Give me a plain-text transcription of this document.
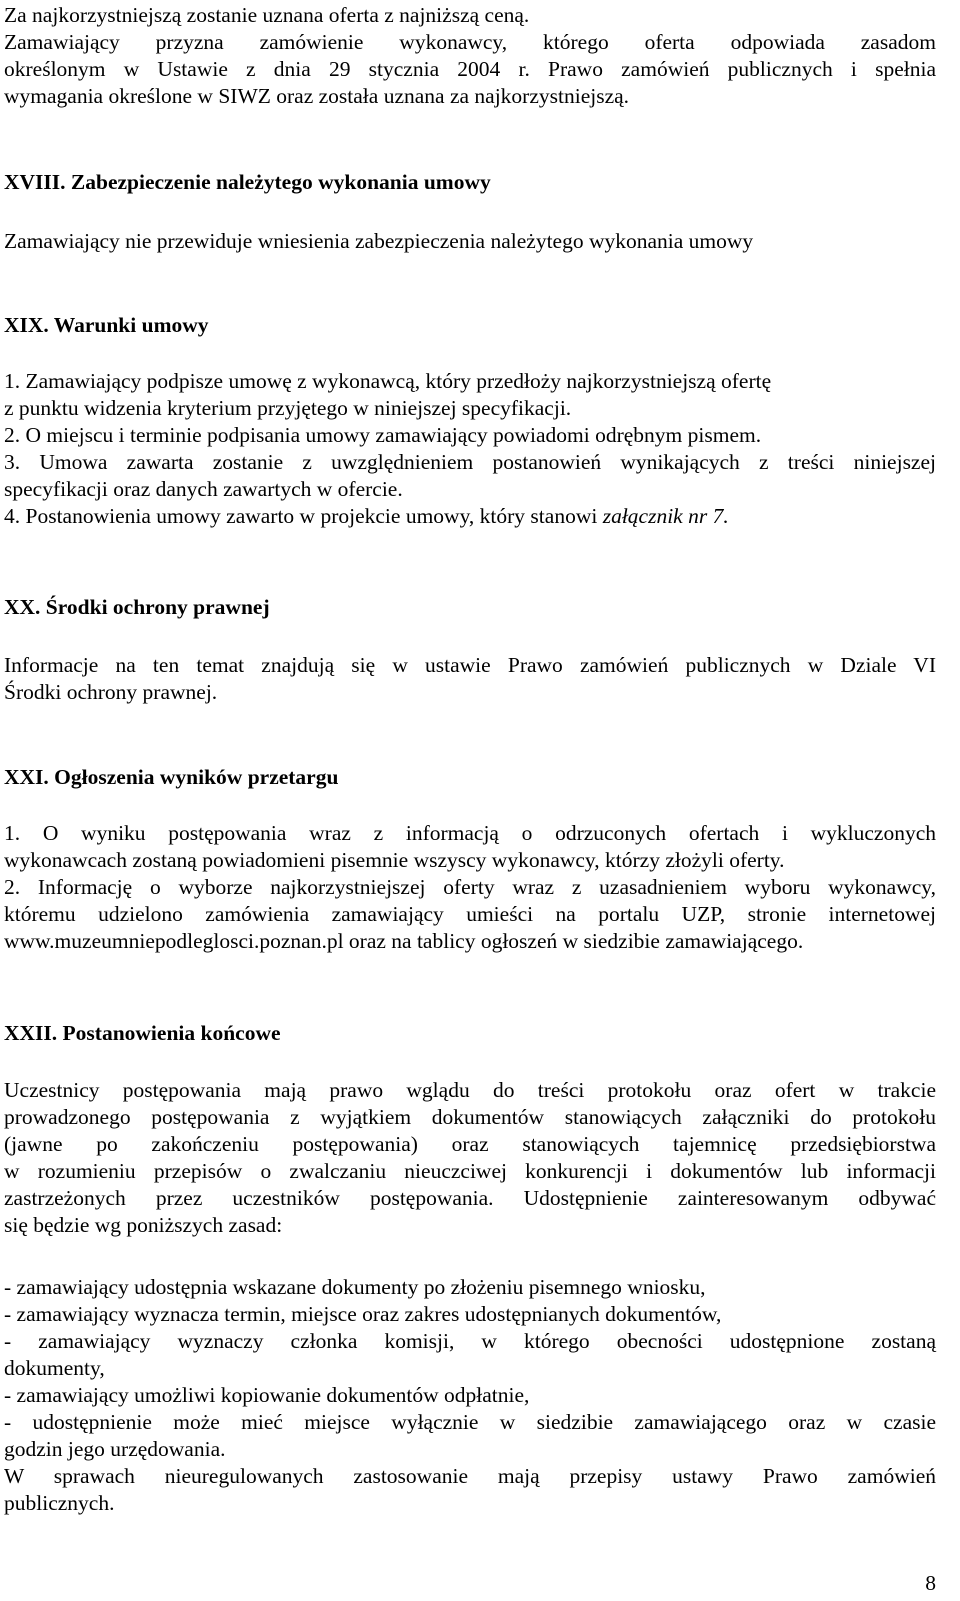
Za najkorzystniejszą zostanie uznana oferta z najniższą ceną.
Zamawiający przyzna zamówienie wykonawcy, którego oferta odpowiada zasadom
określonym w Ustawie z dnia 29 stycznia 2004 r. Prawo zamówień publicznych i spełnia
wymagania określone w SIWZ oraz została uznana za najkorzystniejszą.
XVIII. Zabezpieczenie należytego wykonania umowy
Zamawiający nie przewiduje wniesienia zabezpieczenia należytego wykonania umowy
XIX. Warunki umowy
1. Zamawiający podpisze umowę z wykonawcą, który przedłoży najkorzystniejszą ofertę
z punktu widzenia kryterium przyjętego w niniejszej specyfikacji.
2. O miejscu i terminie podpisania umowy zamawiający powiadomi odrębnym pismem.
3. Umowa zawarta zostanie z uwzględnieniem postanowień wynikających z treści niniejszej
specyfikacji oraz danych zawartych w ofercie.
4. Postanowienia umowy zawarto w projekcie umowy, który stanowi załącznik nr 7.
XX. Środki ochrony prawnej
Informacje na ten temat znajdują się w ustawie Prawo zamówień publicznych w Dziale VI
Środki ochrony prawnej.
XXI. Ogłoszenia wyników przetargu
1. O wyniku postępowania wraz z informacją o odrzuconych ofertach i wykluczonych
wykonawcach zostaną powiadomieni pisemnie wszyscy wykonawcy, którzy złożyli oferty.
2. Informację o wyborze najkorzystniejszej oferty wraz z uzasadnieniem wyboru wykonawcy,
któremu udzielono zamówienia zamawiający umieści na portalu UZP, stronie internetowej
www.muzeumniepodleglosci.poznan.pl oraz na tablicy ogłoszeń w siedzibie zamawiającego.
XXII. Postanowienia końcowe
Uczestnicy postępowania mają prawo wglądu do treści protokołu oraz ofert w trakcie
prowadzonego postępowania z wyjątkiem dokumentów stanowiących załączniki do protokołu
(jawne po zakończeniu postępowania) oraz stanowiących tajemnicę przedsiębiorstwa
w rozumieniu przepisów o zwalczaniu nieuczciwej konkurencji i dokumentów lub informacji
zastrzeżonych przez uczestników postępowania. Udostępnienie zainteresowanym odbywać
się będzie wg poniższych zasad:
- zamawiający udostępnia wskazane dokumenty po złożeniu pisemnego wniosku,
- zamawiający wyznacza termin, miejsce oraz zakres udostępnianych dokumentów,
- zamawiający wyznaczy członka komisji, w którego obecności udostępnione zostaną
dokumenty,
- zamawiający umożliwi kopiowanie dokumentów odpłatnie,
- udostępnienie może mieć miejsce wyłącznie w siedzibie zamawiającego oraz w czasie
godzin jego urzędowania.
W sprawach nieuregulowanych zastosowanie mają przepisy ustawy Prawo zamówień
publicznych.
8
